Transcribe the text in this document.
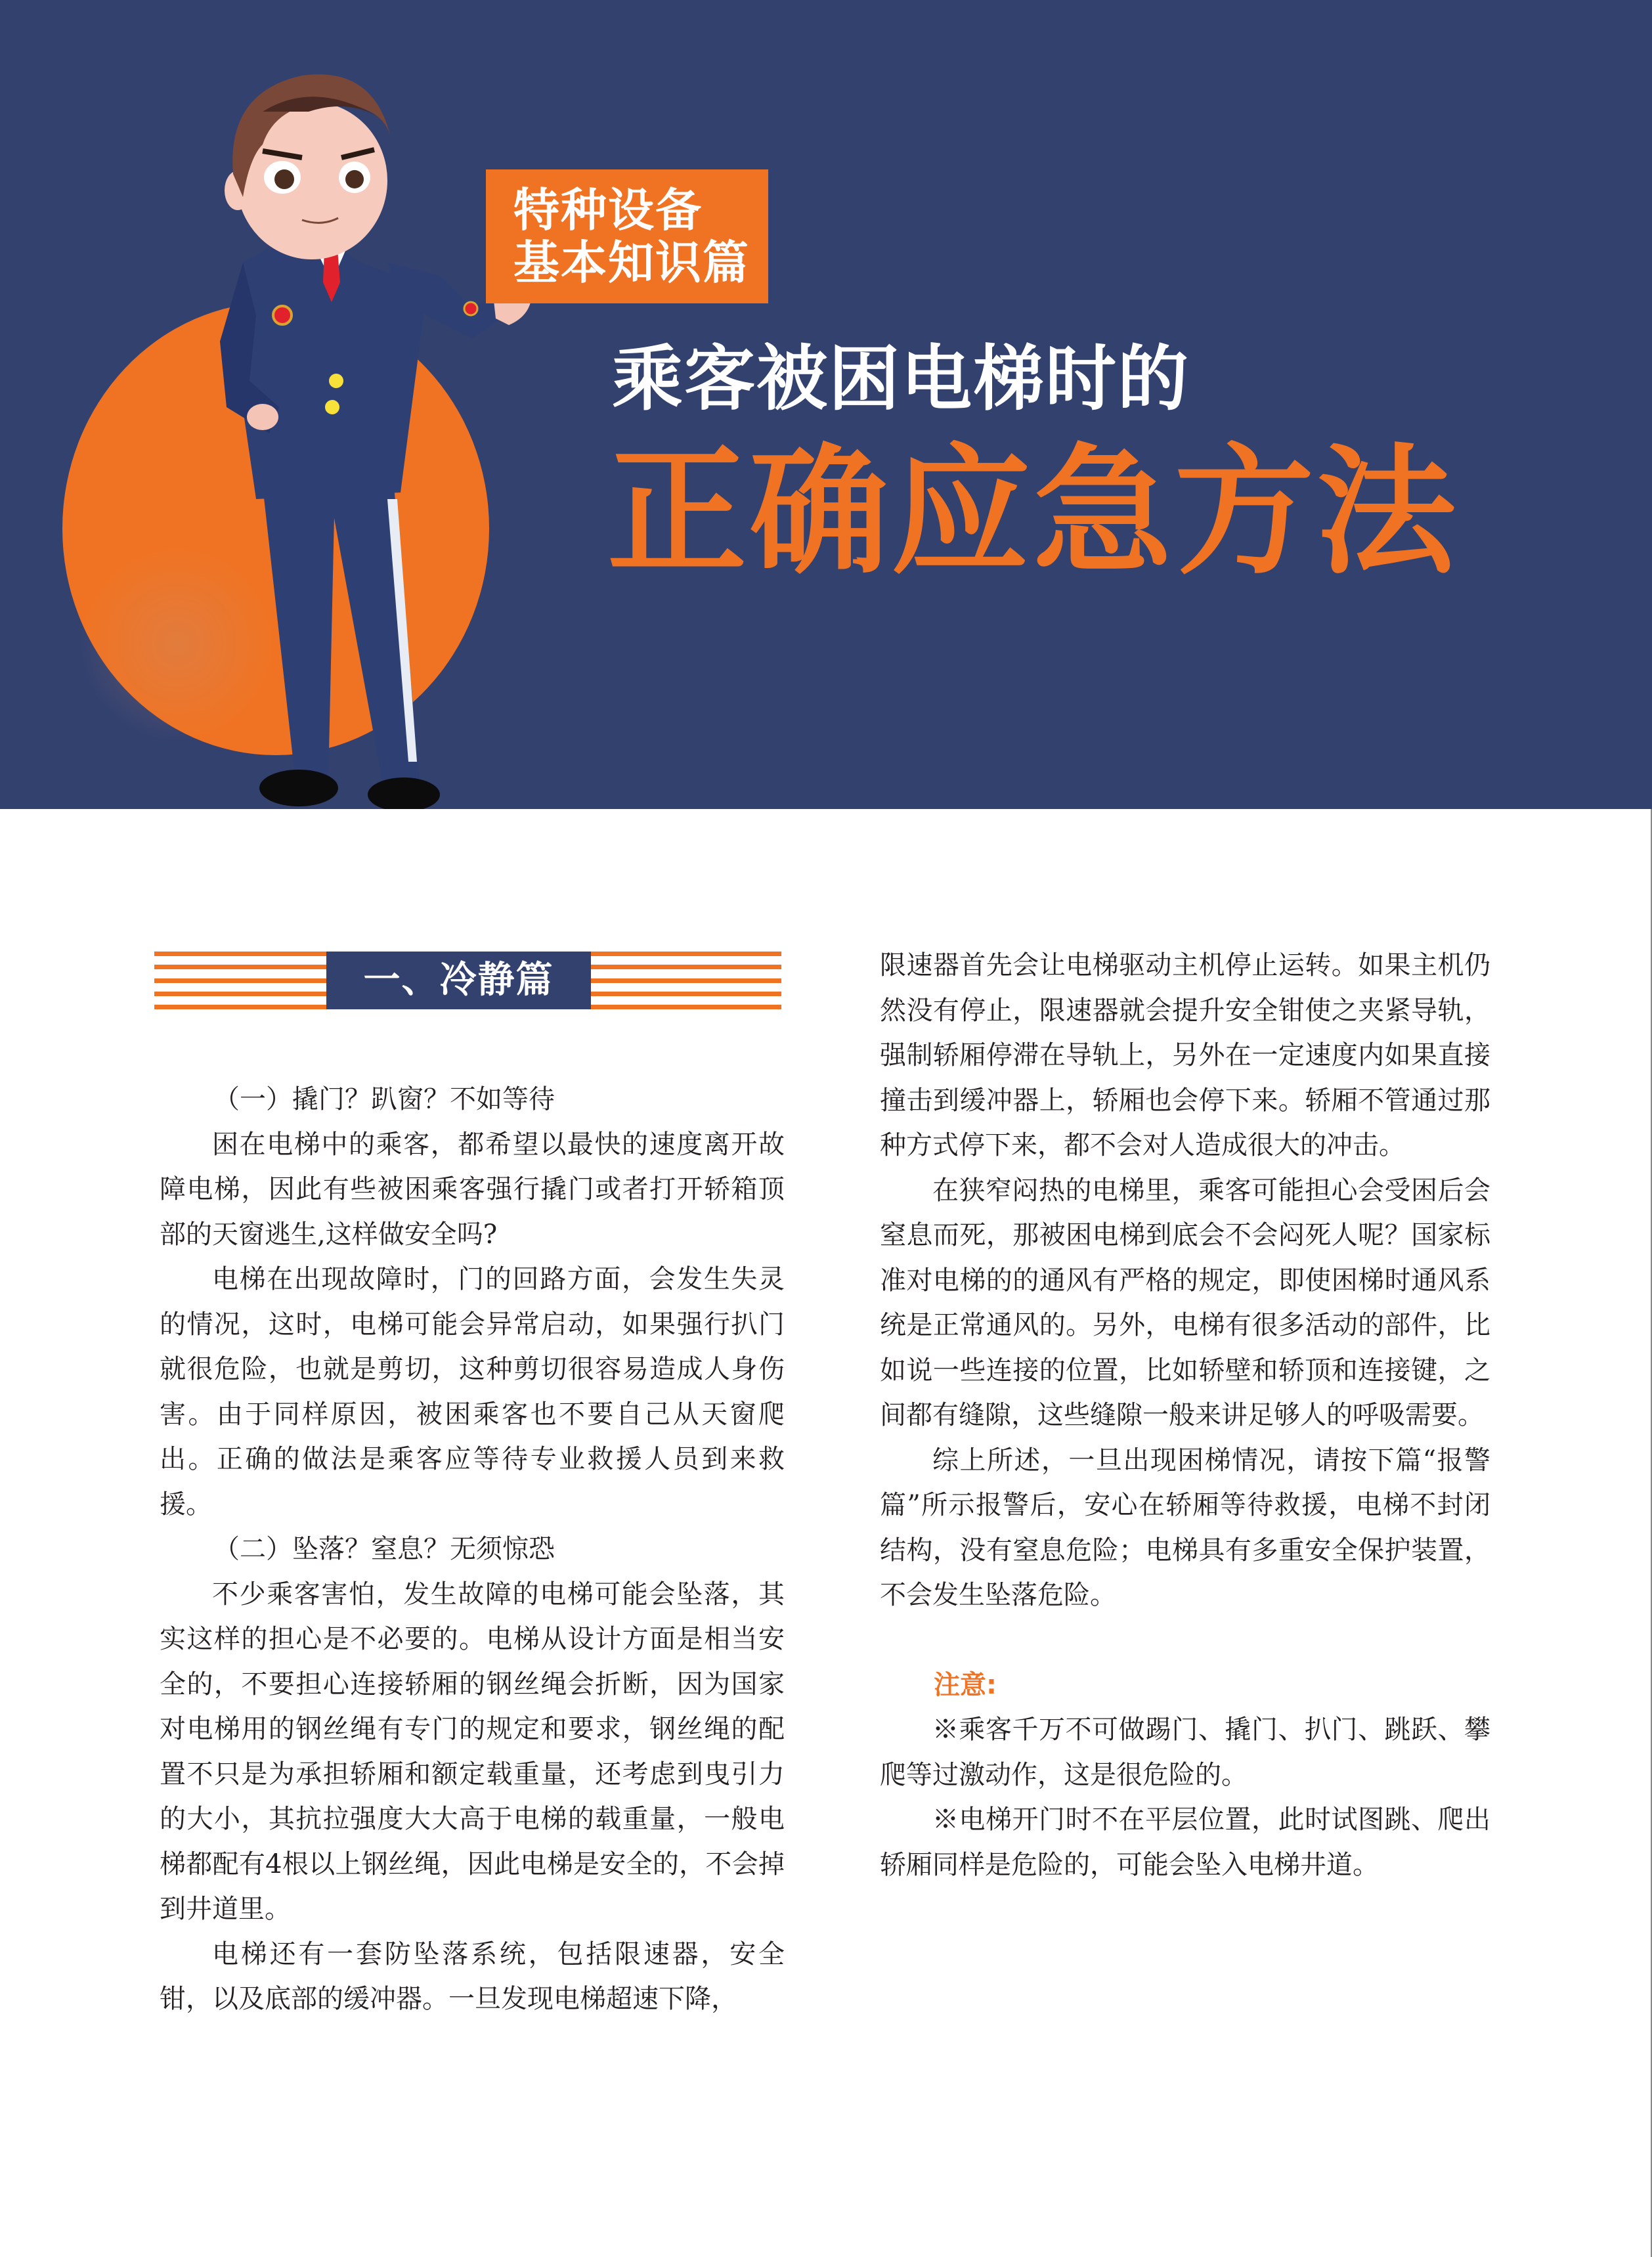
特种设备
基本知识篇
乘客被困电梯时的
正确应急方法
一、冷静篇

（一）撬门？趴窗？不如等待

困在电梯中的乘客，都希望以最快的速度离开故障电梯，因此有些被困乘客强行撬门或者打开轿箱顶部的天窗逃生,这样做安全吗?

电梯在出现故障时，门的回路方面，会发生失灵的情况，这时，电梯可能会异常启动，如果强行扒门就很危险，也就是剪切，这种剪切很容易造成人身伤害。由于同样原因，被困乘客也不要自己从天窗爬出。正确的做法是乘客应等待专业救援人员到来救援。

（二）坠落？窒息？无须惊恐

不少乘客害怕，发生故障的电梯可能会坠落，其实这样的担心是不必要的。电梯从设计方面是相当安全的，不要担心连接轿厢的钢丝绳会折断，因为国家对电梯用的钢丝绳有专门的规定和要求，钢丝绳的配置不只是为承担轿厢和额定载重量，还考虑到曳引力的大小，其抗拉强度大大高于电梯的载重量，一般电梯都配有4根以上钢丝绳，因此电梯是安全的，不会掉到井道里。

电梯还有一套防坠落系统，包括限速器，安全钳，以及底部的缓冲器。一旦发现电梯超速下降，

限速器首先会让电梯驱动主机停止运转。如果主机仍然没有停止，限速器就会提升安全钳使之夹紧导轨，强制轿厢停滞在导轨上，另外在一定速度内如果直接撞击到缓冲器上，轿厢也会停下来。轿厢不管通过那种方式停下来，都不会对人造成很大的冲击。

在狭窄闷热的电梯里，乘客可能担心会受困后会窒息而死，那被困电梯到底会不会闷死人呢？国家标准对电梯的的通风有严格的规定，即使困梯时通风系统是正常通风的。另外，电梯有很多活动的部件，比如说一些连接的位置，比如轿壁和轿顶和连接键，之间都有缝隙，这些缝隙一般来讲足够人的呼吸需要。

综上所述，一旦出现困梯情况，请按下篇“报警篇”所示报警后，安心在轿厢等待救援，电梯不封闭结构，没有窒息危险；电梯具有多重安全保护装置，不会发生坠落危险。

注意:

※乘客千万不可做踢门、撬门、扒门、跳跃、攀爬等过激动作，这是很危险的。

※电梯开门时不在平层位置，此时试图跳、爬出轿厢同样是危险的，可能会坠入电梯井道。
